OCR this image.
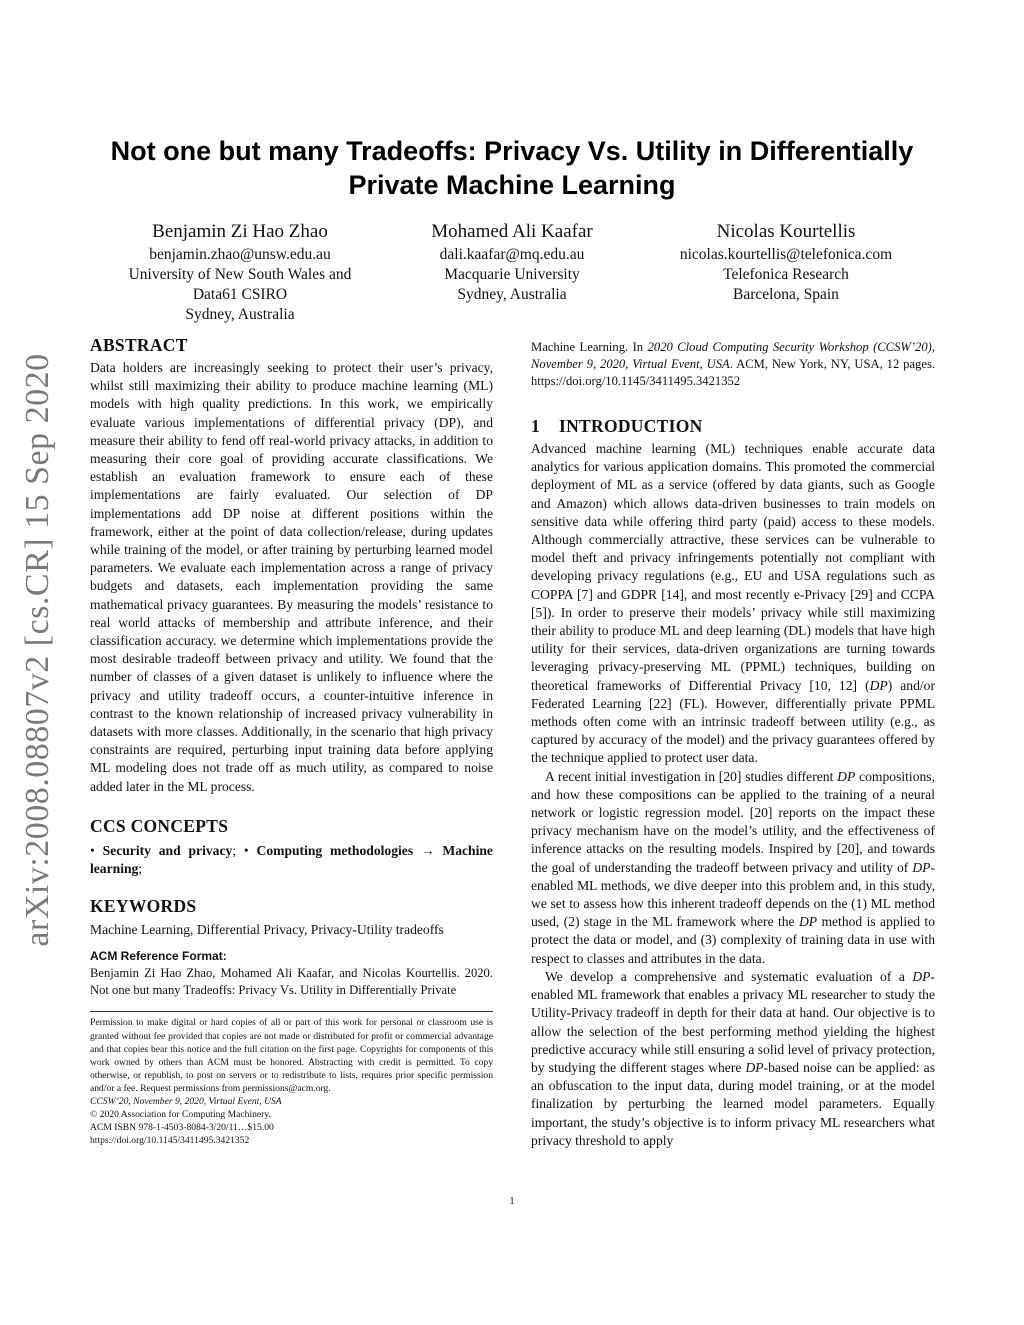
arXiv:2008.08807v2 [cs.CR] 15 Sep 2020
Not one but many Tradeoffs: Privacy Vs. Utility in Differentially
Private Machine Learning
Benjamin Zi Hao Zhao
benjamin.zhao@unsw.edu.au
University of New South Wales and
Data61 CSIRO
Sydney, Australia
Mohamed Ali Kaafar
dali.kaafar@mq.edu.au
Macquarie University
Sydney, Australia
Nicolas Kourtellis
nicolas.kourtellis@telefonica.com
Telefonica Research
Barcelona, Spain
ABSTRACT

Data holders are increasingly seeking to protect their user’s privacy, whilst still maximizing their ability to produce machine learning (ML) models with high quality predictions. In this work, we empirically evaluate various implementations of differential privacy (DP), and measure their ability to fend off real-world privacy attacks, in addition to measuring their core goal of providing accurate classifications. We establish an evaluation framework to ensure each of these implementations are fairly evaluated. Our selection of DP implementations add DP noise at different positions within the framework, either at the point of data collection/release, during updates while training of the model, or after training by perturbing learned model parameters. We evaluate each implementation across a range of privacy budgets and datasets, each implementation providing the same mathematical privacy guarantees. By measuring the models’ resistance to real world attacks of membership and attribute inference, and their classification accuracy. we determine which implementations provide the most desirable tradeoff between privacy and utility. We found that the number of classes of a given dataset is unlikely to influence where the privacy and utility tradeoff occurs, a counter-intuitive inference in contrast to the known relationship of increased privacy vulnerability in datasets with more classes. Additionally, in the scenario that high privacy constraints are required, perturbing input training data before applying ML modeling does not trade off as much utility, as compared to noise added later in the ML process.

CCS CONCEPTS

• Security and privacy; • Computing methodologies → Machine learning;

KEYWORDS

Machine Learning, Differential Privacy, Privacy-Utility tradeoffs

ACM Reference Format:

Benjamin Zi Hao Zhao, Mohamed Ali Kaafar, and Nicolas Kourtellis. 2020. Not one but many Tradeoffs: Privacy Vs. Utility in Differentially Private

Permission to make digital or hard copies of all or part of this work for personal or classroom use is granted without fee provided that copies are not made or distributed for profit or commercial advantage and that copies bear this notice and the full citation on the first page. Copyrights for components of this work owned by others than ACM must be honored. Abstracting with credit is permitted. To copy otherwise, or republish, to post on servers or to redistribute to lists, requires prior specific permission and/or a fee. Request permissions from permissions@acm.org.

CCSW’20, November 9, 2020, Virtual Event, USA

© 2020 Association for Computing Machinery.

ACM ISBN 978-1-4503-8084-3/20/11…$15.00

https://doi.org/10.1145/3411495.3421352

Machine Learning. In 2020 Cloud Computing Security Workshop (CCSW’20), November 9, 2020, Virtual Event, USA. ACM, New York, NY, USA, 12 pages. https://doi.org/10.1145/3411495.3421352

1 INTRODUCTION

Advanced machine learning (ML) techniques enable accurate data analytics for various application domains. This promoted the commercial deployment of ML as a service (offered by data giants, such as Google and Amazon) which allows data-driven businesses to train models on sensitive data while offering third party (paid) access to these models. Although commercially attractive, these services can be vulnerable to model theft and privacy infringements potentially not compliant with developing privacy regulations (e.g., EU and USA regulations such as COPPA [7] and GDPR [14], and most recently e-Privacy [29] and CCPA [5]). In order to preserve their models’ privacy while still maximizing their ability to produce ML and deep learning (DL) models that have high utility for their services, data-driven organizations are turning towards leveraging privacy-preserving ML (PPML) techniques, building on theoretical frameworks of Differential Privacy [10, 12] (DP) and/or Federated Learning [22] (FL). However, differentially private PPML methods often come with an intrinsic tradeoff between utility (e.g., as captured by accuracy of the model) and the privacy guarantees offered by the technique applied to protect user data.

A recent initial investigation in [20] studies different DP compositions, and how these compositions can be applied to the training of a neural network or logistic regression model. [20] reports on the impact these privacy mechanism have on the model’s utility, and the effectiveness of inference attacks on the resulting models. Inspired by [20], and towards the goal of understanding the tradeoff between privacy and utility of DP-enabled ML methods, we dive deeper into this problem and, in this study, we set to assess how this inherent tradeoff depends on the (1) ML method used, (2) stage in the ML framework where the DP method is applied to protect the data or model, and (3) complexity of training data in use with respect to classes and attributes in the data.

We develop a comprehensive and systematic evaluation of a DP-enabled ML framework that enables a privacy ML researcher to study the Utility-Privacy tradeoff in depth for their data at hand. Our objective is to allow the selection of the best performing method yielding the highest predictive accuracy while still ensuring a solid level of privacy protection, by studying the different stages where DP-based noise can be applied: as an obfuscation to the input data, during model training, or at the model finalization by perturbing the learned model parameters. Equally important, the study’s objective is to inform privacy ML researchers what privacy threshold to apply

1
